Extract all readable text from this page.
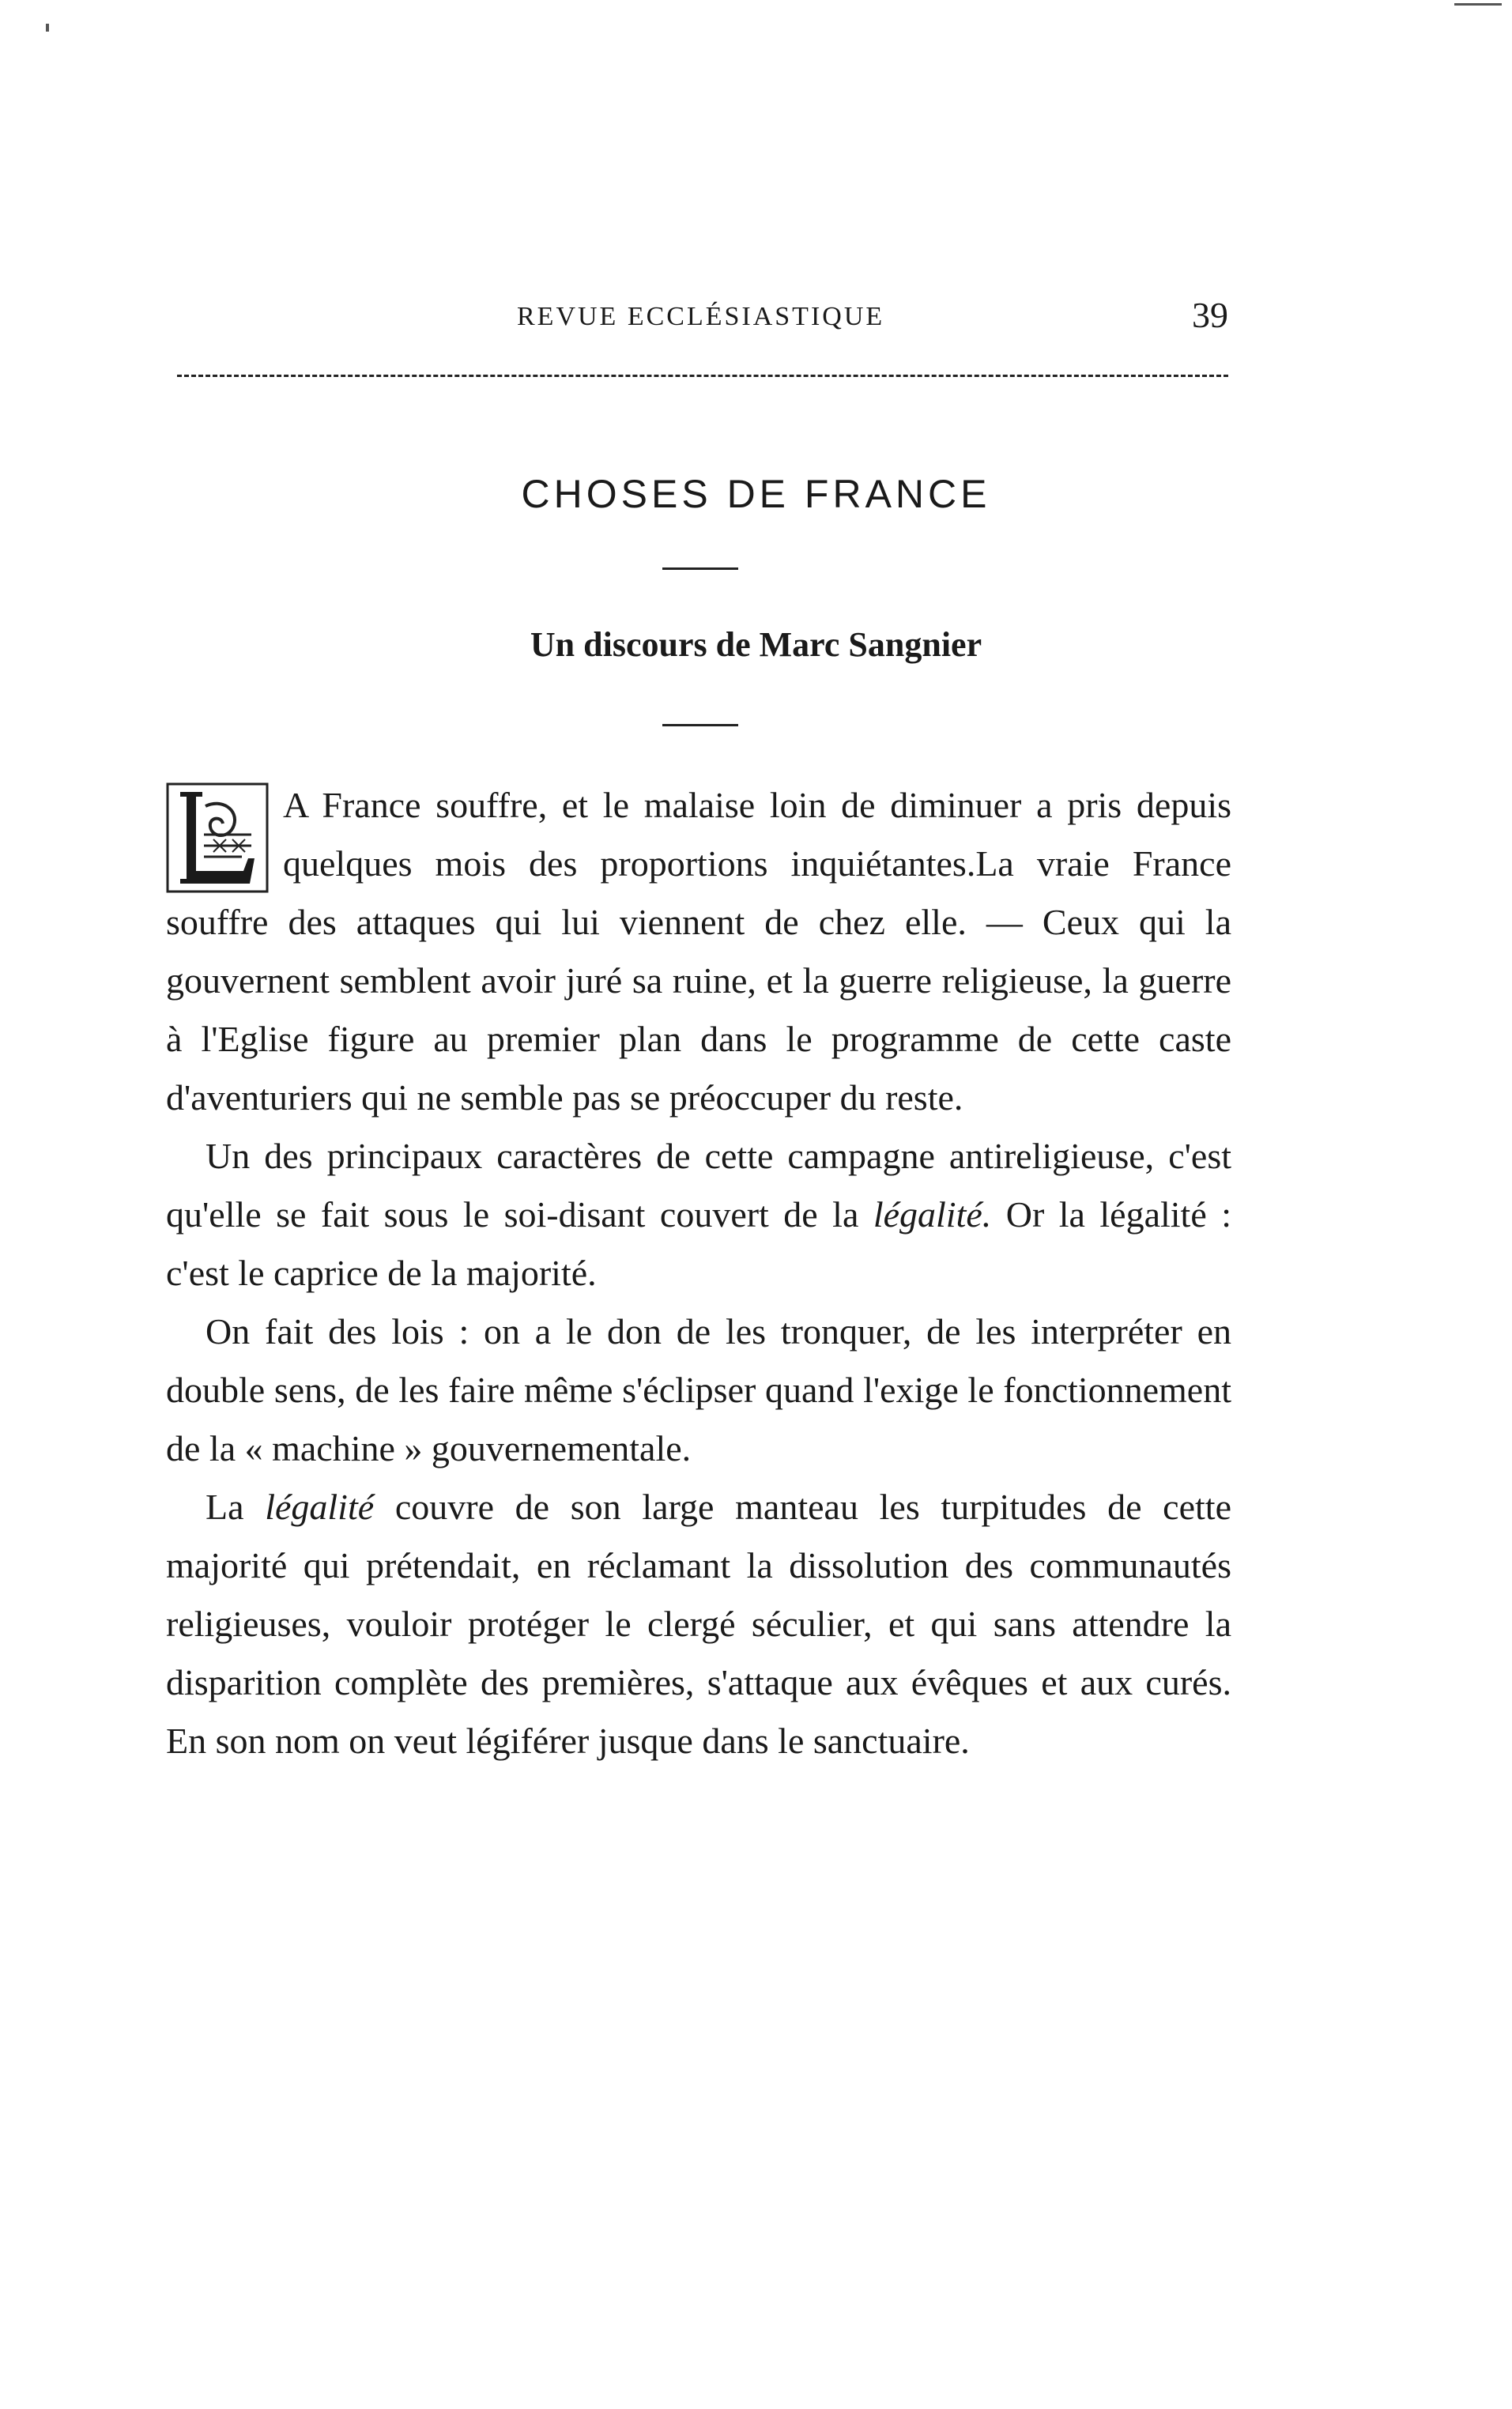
REVUE ECCLÉSIASTIQUE	39
CHOSES DE FRANCE
Un discours de Marc Sangnier

A France souffre, et le malaise loin de diminuer a pris depuis quelques mois des proportions inquiétantes.La vraie France souffre des attaques qui lui viennent de chez elle. — Ceux qui la gouvernent semblent avoir juré sa ruine, et la guerre religieuse, la guerre à l'Eglise figure au premier plan dans le programme de cette caste d'aventuriers qui ne semble pas se préoccuper du reste.

Un des principaux caractères de cette campagne antireligieuse, c'est qu'elle se fait sous le soi-disant couvert de la légalité. Or la légalité : c'est le caprice de la majorité.

On fait des lois : on a le don de les tronquer, de les interpréter en double sens, de les faire même s'éclipser quand l'exige le fonctionnement de la « machine » gouvernementale.

La légalité couvre de son large manteau les turpitudes de cette majorité qui prétendait, en réclamant la dissolution des communautés religieuses, vouloir protéger le clergé séculier, et qui sans attendre la disparition complète des premières, s'attaque aux évêques et aux curés. En son nom on veut légiférer jusque dans le sanctuaire.
